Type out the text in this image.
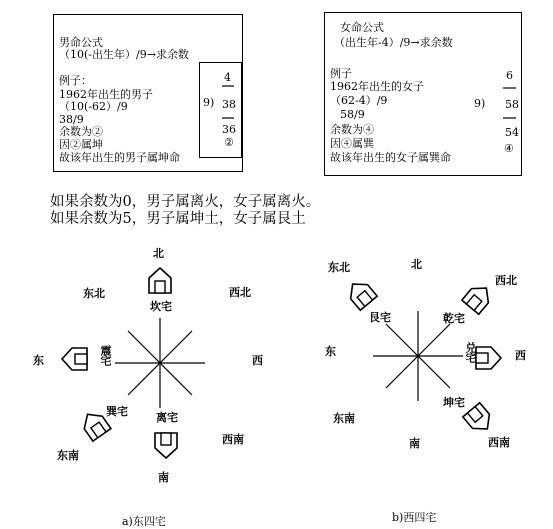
男命公式
（10(-出生年）/9→求余数
例子：
1962年出生的男子
（10(-62）/9
38/9
余数为②
因②属坤
故该年出生的男子属坤命
4
9) 38
36
②
女命公式
（出生年-4）/9→求余数
例子
1962年出生的女子
（62-4）/9
58/9
余数为④
因④属巽
故该年出生的女子属巽命
6
9) 58
54
④
如果余数为0，男子属离火，女子属离火。
如果余数为5，男子属坤土，女子属艮土
北
东北	西北
东	西
东南
西南
南
坎宅
震宅
巽宅	离宅
a)东四宅
北
东北
西北
东	西
东南
西南
南
艮宅	乾宅
兑宅
坤宅
b)西四宅
